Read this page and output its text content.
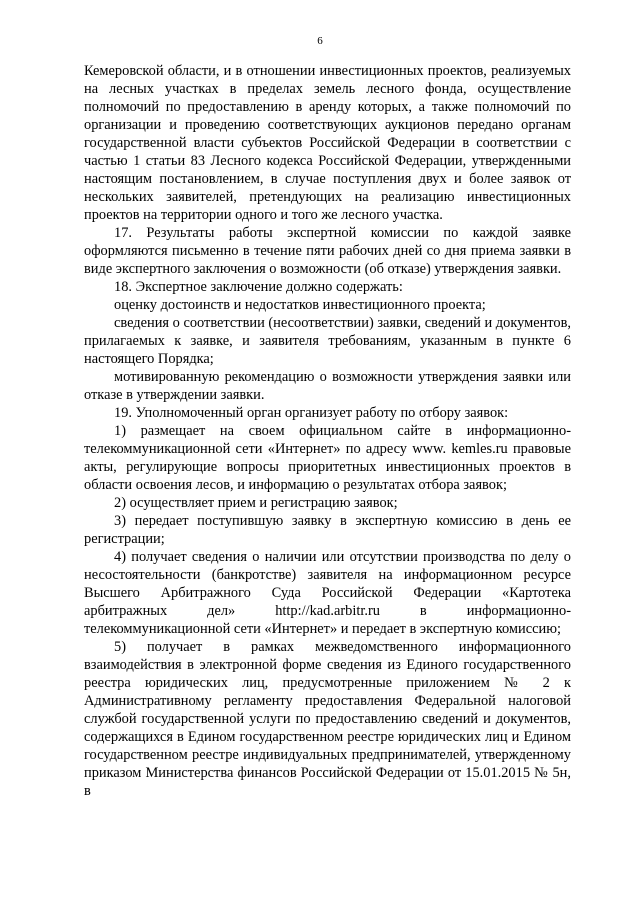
6

Кемеровской области, и в отношении инвестиционных проектов, реализуемых на лесных участках в пределах земель лесного фонда, осуществление полномочий по предоставлению в аренду которых, а также полномочий по организации и проведению соответствующих аукционов передано органам государственной власти субъектов Российской Федерации в соответствии с частью 1 статьи 83 Лесного кодекса Российской Федерации, утвержденными настоящим постановлением, в случае поступления двух и более заявок от нескольких заявителей, претендующих на реализацию инвестиционных проектов на территории одного и того же лесного участка.

17. Результаты работы экспертной комиссии по каждой заявке оформляются письменно в течение пяти рабочих дней со дня приема заявки в виде экспертного заключения о возможности (об отказе) утверждения заявки.

18. Экспертное заключение должно содержать:

оценку достоинств и недостатков инвестиционного проекта;

сведения о соответствии (несоответствии) заявки, сведений и документов, прилагаемых к заявке, и заявителя требованиям, указанным в пункте 6 настоящего Порядка;

мотивированную рекомендацию о возможности утверждения заявки или отказе в утверждении заявки.

19. Уполномоченный орган организует работу по отбору заявок:

1) размещает на своем официальном сайте в информационно-телекоммуникационной сети «Интернет» по адресу www. kemles.ru правовые акты, регулирующие вопросы приоритетных инвестиционных проектов в области освоения лесов, и информацию о результатах отбора заявок;

2) осуществляет прием и регистрацию заявок;

3) передает поступившую заявку в экспертную комиссию в день ее регистрации;

4) получает сведения о наличии или отсутствии производства по делу о несостоятельности (банкротстве) заявителя на информационном ресурсе Высшего Арбитражного Суда Российской Федерации «Картотека арбитражных дел» http://kad.arbitr.ru в информационно-телекоммуникационной сети «Интернет» и передает в экспертную комиссию;

5) получает в рамках межведомственного информационного взаимодействия в электронной форме сведения из Единого государственного реестра юридических лиц, предусмотренные приложением № 2 к Административному регламенту предоставления Федеральной налоговой службой государственной услуги по предоставлению сведений и документов, содержащихся в Едином государственном реестре юридических лиц и Едином государственном реестре индивидуальных предпринимателей, утвержденному приказом Министерства финансов Российской Федерации от 15.01.2015 № 5н, в
